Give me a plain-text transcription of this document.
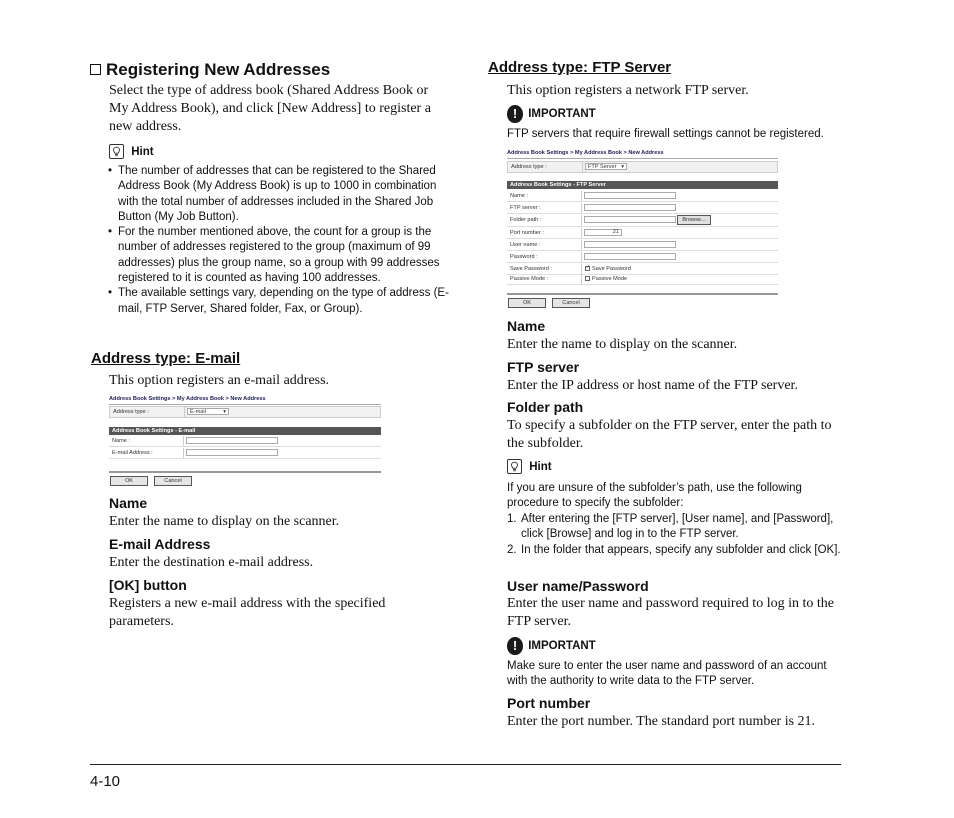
Registering New Addresses
Select the type of address book (Shared Address Book or My Address Book), and click [New Address] to register a new address.
Hint
• The number of addresses that can be registered to the Shared Address Book (My Address Book) is up to 1000 in combination with the total number of addresses included in the Shared Job Button (My Job Button).
• For the number mentioned above, the count for a group is the number of addresses registered to the group (maximum of 99 addresses) plus the group name, so a group with 99 addresses registered to it is counted as having 100 addresses.
• The available settings vary, depending on the type of address (E-mail, FTP Server, Shared folder, Fax, or Group).
Address type: E-mail
This option registers an e-mail address.
Address Book Settings > My Address Book > New Address
Address type :	E-mail	▾
Address Book Settings - E-mail
Name :
E-mail Address :
OK	Cancel
Name
Enter the name to display on the scanner.
E-mail Address
Enter the destination e-mail address.
[OK] button
Registers a new e-mail address with the specified parameters.
Address type: FTP Server
This option registers a network FTP server.
! IMPORTANT
FTP servers that require firewall settings cannot be registered.
Address Book Settings > My Address Book > New Address
Address type :	FTP Server ▾
Address Book Settings - FTP Server
Name :
FTP server :
Folder path :	Browse...
Port number :	21
User name :
Password :
Save Password :	✓ Save Password
Passive Mode :	Passive Mode
OK	Cancel
Name
Enter the name to display on the scanner.
FTP server
Enter the IP address or host name of the FTP server.
Folder path
To specify a subfolder on the FTP server, enter the path to the subfolder.
Hint
If you are unsure of the subfolder’s path, use the following procedure to specify the subfolder:
1. After entering the [FTP server], [User name], and [Password], click [Browse] and log in to the FTP server.
2. In the folder that appears, specify any subfolder and click [OK].
User name/Password
Enter the user name and password required to log in to the FTP server.
! IMPORTANT
Make sure to enter the user name and password of an account with the authority to write data to the FTP server.
Port number
Enter the port number. The standard port number is 21.
4-10
